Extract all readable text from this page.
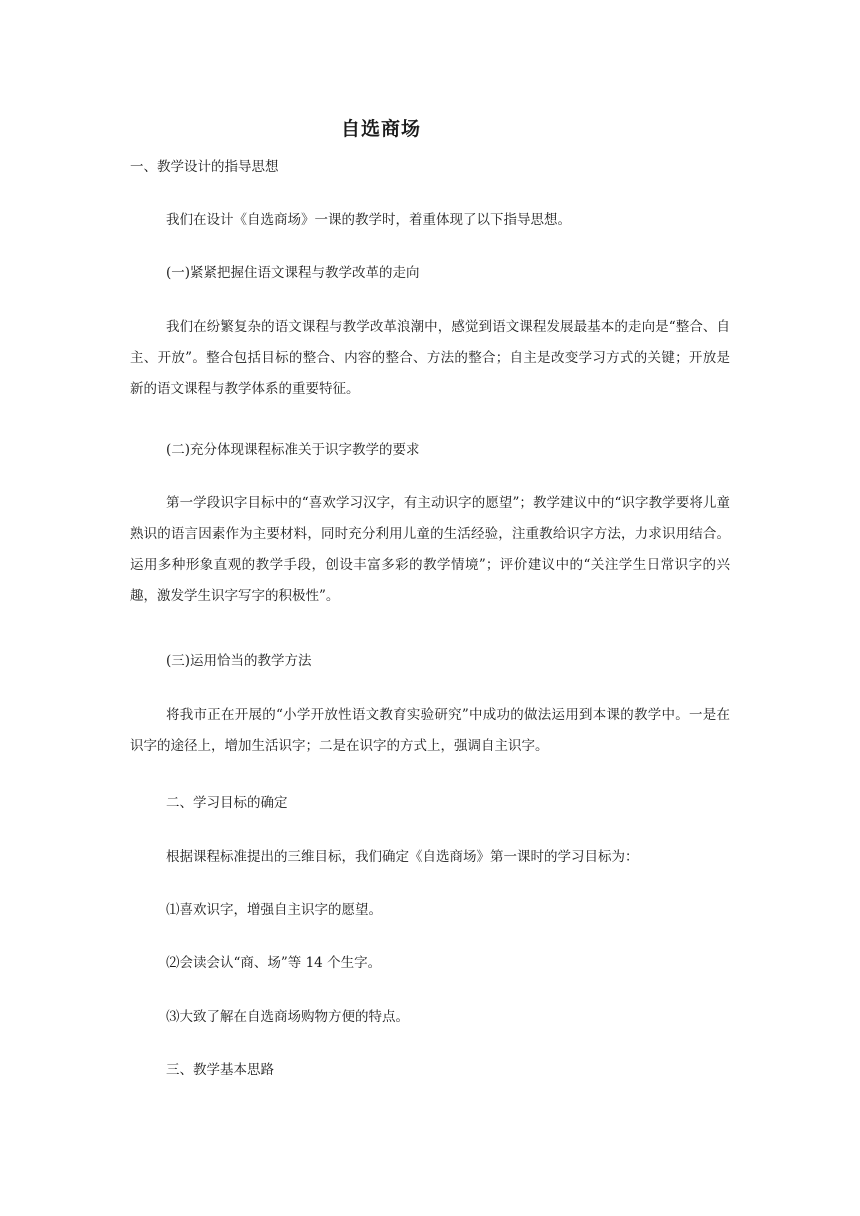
自选商场
一、教学设计的指导思想
我们在设计《自选商场》一课的教学时，着重体现了以下指导思想。
(一)紧紧把握住语文课程与教学改革的走向
我们在纷繁复杂的语文课程与教学改革浪潮中，感觉到语文课程发展最基本的走向是“整合、自主、开放”。整合包括目标的整合、内容的整合、方法的整合；自主是改变学习方式的关键；开放是新的语文课程与教学体系的重要特征。
(二)充分体现课程标准关于识字教学的要求
第一学段识字目标中的“喜欢学习汉字，有主动识字的愿望”；教学建议中的“识字教学要将儿童熟识的语言因素作为主要材料，同时充分利用儿童的生活经验，注重教给识字方法，力求识用结合。运用多种形象直观的教学手段，创设丰富多彩的教学情境”；评价建议中的“关注学生日常识字的兴趣，激发学生识字写字的积极性”。
(三)运用恰当的教学方法
将我市正在开展的“小学开放性语文教育实验研究”中成功的做法运用到本课的教学中。一是在识字的途径上，增加生活识字；二是在识字的方式上，强调自主识字。
二、学习目标的确定
根据课程标准提出的三维目标，我们确定《自选商场》第一课时的学习目标为：
⑴喜欢识字，增强自主识字的愿望。
⑵会读会认“商、场”等 14 个生字。
⑶大致了解在自选商场购物方便的特点。
三、教学基本思路
